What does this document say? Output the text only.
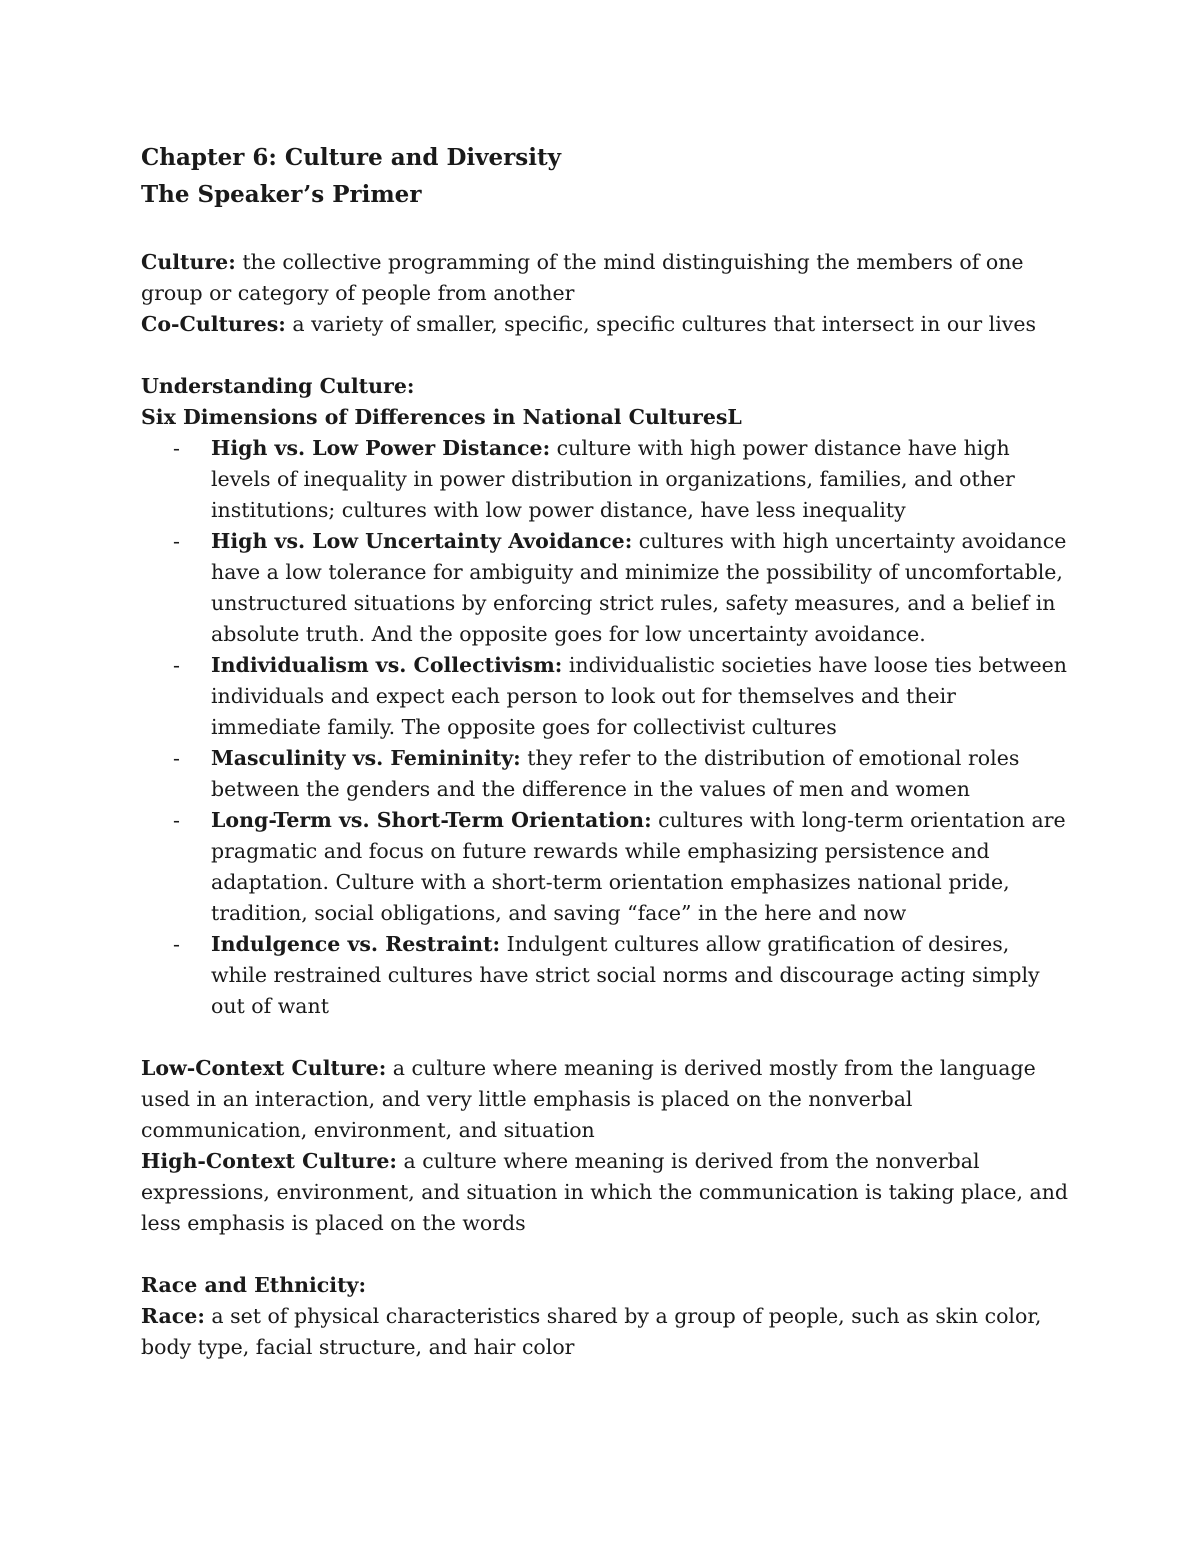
Chapter 6: Culture and Diversity

The Speaker’s Primer

Culture: the collective programming of the mind distinguishing the members of one group or category of people from another

Co-Cultures: a variety of smaller, specific, specific cultures that intersect in our lives

Understanding Culture:

Six Dimensions of Differences in National CulturesL

- High vs. Low Power Distance: culture with high power distance have high levels of inequality in power distribution in organizations, families, and other institutions; cultures with low power distance, have less inequality
- High vs. Low Uncertainty Avoidance: cultures with high uncertainty avoidance have a low tolerance for ambiguity and minimize the possibility of uncomfortable, unstructured situations by enforcing strict rules, safety measures, and a belief in absolute truth. And the opposite goes for low uncertainty avoidance.
- Individualism vs. Collectivism: individualistic societies have loose ties between individuals and expect each person to look out for themselves and their immediate family. The opposite goes for collectivist cultures
- Masculinity vs. Femininity: they refer to the distribution of emotional roles between the genders and the difference in the values of men and women
- Long-Term vs. Short-Term Orientation: cultures with long-term orientation are pragmatic and focus on future rewards while emphasizing persistence and adaptation. Culture with a short-term orientation emphasizes national pride, tradition, social obligations, and saving “face” in the here and now
- Indulgence vs. Restraint: Indulgent cultures allow gratification of desires, while restrained cultures have strict social norms and discourage acting simply out of want

Low-Context Culture: a culture where meaning is derived mostly from the language used in an interaction, and very little emphasis is placed on the nonverbal communication, environment, and situation

High-Context Culture: a culture where meaning is derived from the nonverbal expressions, environment, and situation in which the communication is taking place, and less emphasis is placed on the words

Race and Ethnicity:

Race: a set of physical characteristics shared by a group of people, such as skin color, body type, facial structure, and hair color
